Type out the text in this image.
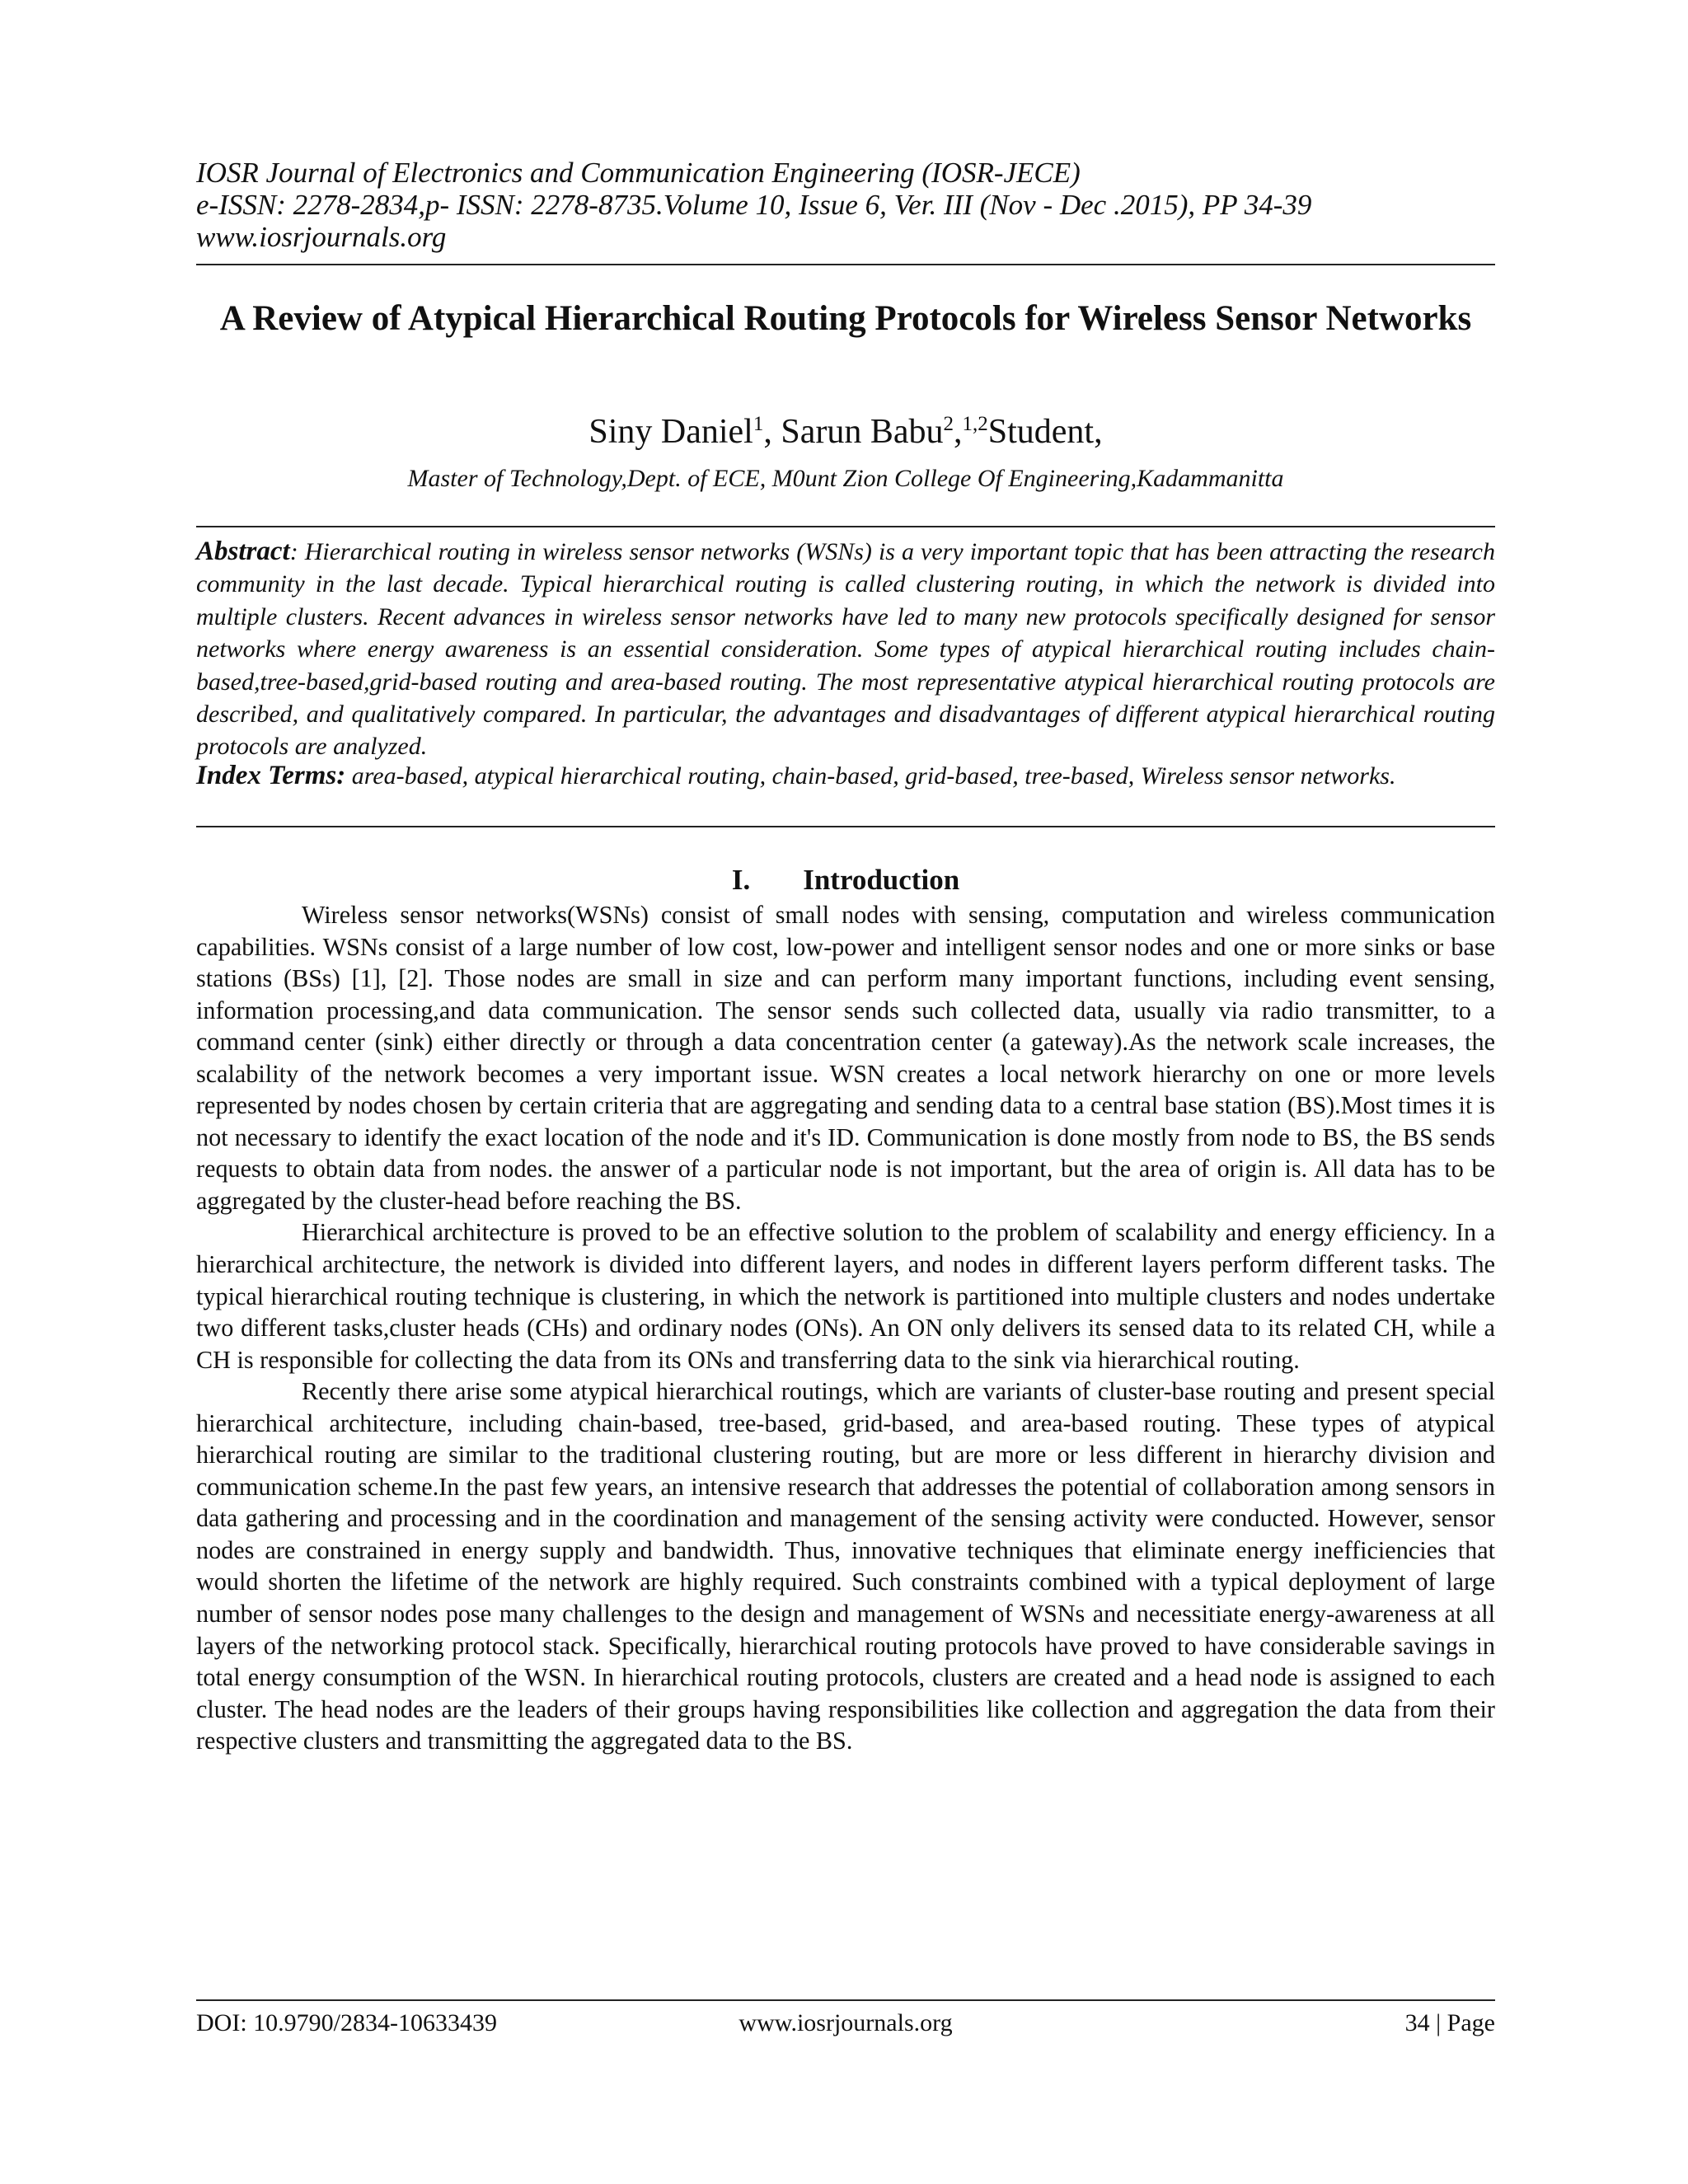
IOSR Journal of Electronics and Communication Engineering (IOSR-JECE)
e-ISSN: 2278-2834,p- ISSN: 2278-8735.Volume 10, Issue 6, Ver. III (Nov - Dec .2015), PP 34-39
www.iosrjournals.org
A Review of Atypical Hierarchical Routing Protocols for Wireless Sensor Networks
Siny Daniel$^1$, Sarun Babu$^2$,$^{1,2}$Student,
Master of Technology,Dept. of ECE, M0unt Zion College Of Engineering,Kadammanitta
Abstract: Hierarchical routing in wireless sensor networks (WSNs) is a very important topic that has been attracting the research community in the last decade. Typical hierarchical routing is called clustering routing, in which the network is divided into multiple clusters. Recent advances in wireless sensor networks have led to many new protocols specifically designed for sensor networks where energy awareness is an essential consideration. Some types of atypical hierarchical routing includes chain-based,tree-based,grid-based routing and area-based routing. The most representative atypical hierarchical routing protocols are described, and qualitatively compared. In particular, the advantages and disadvantages of different atypical hierarchical routing protocols are analyzed.
Index Terms: area-based, atypical hierarchical routing, chain-based, grid-based, tree-based, Wireless sensor networks.
I. Introduction

Wireless sensor networks(WSNs) consist of small nodes with sensing, computation and wireless communication capabilities. WSNs consist of a large number of low cost, low-power and intelligent sensor nodes and one or more sinks or base stations (BSs) [1], [2]. Those nodes are small in size and can perform many important functions, including event sensing, information processing,and data communication. The sensor sends such collected data, usually via radio transmitter, to a command center (sink) either directly or through a data concentration center (a gateway).As the network scale increases, the scalability of the network becomes a very important issue. WSN creates a local network hierarchy on one or more levels represented by nodes chosen by certain criteria that are aggregating and sending data to a central base station (BS).Most times it is not necessary to identify the exact location of the node and it's ID. Communication is done mostly from node to BS, the BS sends requests to obtain data from nodes. the answer of a particular node is not important, but the area of origin is. All data has to be aggregated by the cluster-head before reaching the BS.

Hierarchical architecture is proved to be an effective solution to the problem of scalability and energy efficiency. In a hierarchical architecture, the network is divided into different layers, and nodes in different layers perform different tasks. The typical hierarchical routing technique is clustering, in which the network is partitioned into multiple clusters and nodes undertake two different tasks,cluster heads (CHs) and ordinary nodes (ONs). An ON only delivers its sensed data to its related CH, while a CH is responsible for collecting the data from its ONs and transferring data to the sink via hierarchical routing.

Recently there arise some atypical hierarchical routings, which are variants of cluster-base routing and present special hierarchical architecture, including chain-based, tree-based, grid-based, and area-based routing. These types of atypical hierarchical routing are similar to the traditional clustering routing, but are more or less different in hierarchy division and communication scheme.In the past few years, an intensive research that addresses the potential of collaboration among sensors in data gathering and processing and in the coordination and management of the sensing activity were conducted. However, sensor nodes are constrained in energy supply and bandwidth. Thus, innovative techniques that eliminate energy inefficiencies that would shorten the lifetime of the network are highly required. Such constraints combined with a typical deployment of large number of sensor nodes pose many challenges to the design and management of WSNs and necessitiate energy-awareness at all layers of the networking protocol stack. Specifically, hierarchical routing protocols have proved to have considerable savings in total energy consumption of the WSN. In hierarchical routing protocols, clusters are created and a head node is assigned to each cluster. The head nodes are the leaders of their groups having responsibilities like collection and aggregation the data from their respective clusters and transmitting the aggregated data to the BS.

DOI: 10.9790/2834-10633439	www.iosrjournals.org	34 | Page
